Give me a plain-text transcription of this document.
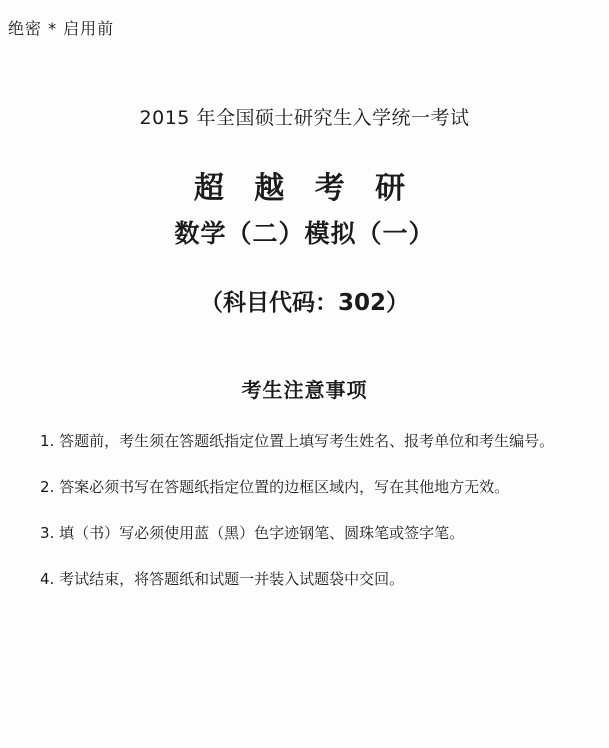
绝密 * 启用前
2015 年全国硕士研究生入学统一考试
超 越 考 研
数学（二）模拟（一）
（科目代码：302）
考生注意事项
1. 答题前，考生须在答题纸指定位置上填写考生姓名、报考单位和考生编号。
2. 答案必须书写在答题纸指定位置的边框区域内，写在其他地方无效。
3. 填（书）写必须使用蓝（黑）色字迹钢笔、圆珠笔或签字笔。
4. 考试结束，将答题纸和试题一并装入试题袋中交回。
